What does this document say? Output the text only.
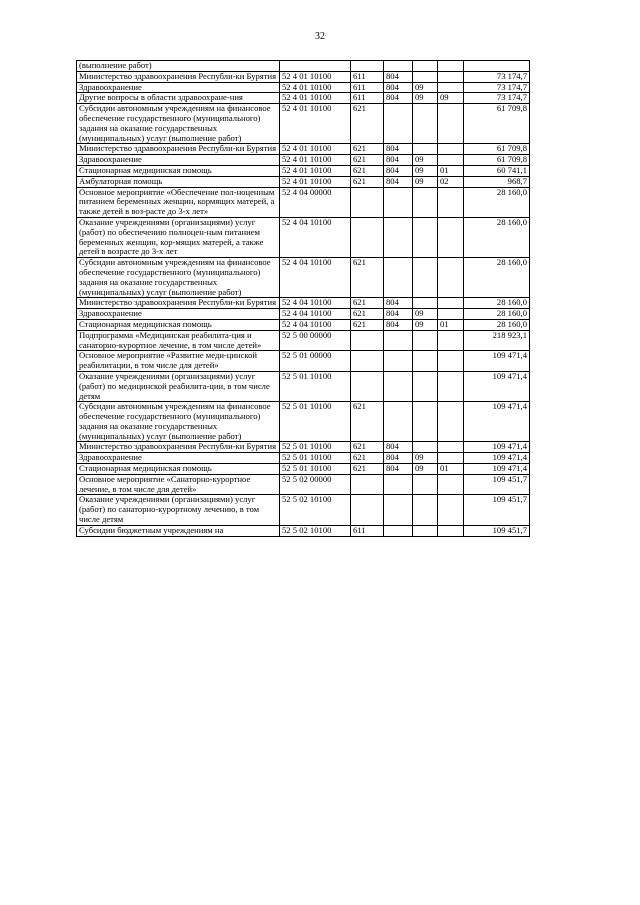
32
(выполнение работ)						
Министерство здравоохранения Республи-ки Бурятия	52 4 01 10100	611	804			73 174,7
Здравоохранение	52 4 01 10100	611	804	09		73 174,7
Другие вопросы в области здравоохране-ния	52 4 01 10100	611	804	09	09	73 174,7
Субсидии автономным учреждениям на финансовое обеспечение государственного (муниципального) задания на оказание государственных (муниципальных) услуг (выполнение работ)	52 4 01 10100	621				61 709,8
Министерство здравоохранения Республи-ки Бурятия	52 4 01 10100	621	804			61 709,8
Здравоохранение	52 4 01 10100	621	804	09		61 709,8
Стационарная медицинская помощь	52 4 01 10100	621	804	09	01	60 741,1
Амбулаторная помощь	52 4 01 10100	621	804	09	02	968,7
Основное мероприятие «Обеспечение пол-ноценным питанием беременных женщин, кормящих матерей, а также детей в воз-расте до 3-х лет»	52 4 04 00000					28 160,0
Оказание учреждениями (организациями) услуг (работ) по обеспечению полноцен-ным питанием беременных женщин, кор-мящих матерей, а также детей в возрасте до 3-х лет	52 4 04 10100					28 160,0
Субсидии автономным учреждениям на финансовое обеспечение государственного (муниципального) задания на оказание государственных (муниципальных) услуг (выполнение работ)	52 4 04 10100	621				28 160,0
Министерство здравоохранения Республи-ки Бурятия	52 4 04 10100	621	804			28 160,0
Здравоохранение	52 4 04 10100	621	804	09		28 160,0
Стационарная медицинская помощь	52 4 04 10100	621	804	09	01	28 160,0
Подпрограмма «Медицинская реабилита-ция и санаторно-курортное лечение, в том числе детей»	52 5 00 00000					218 923,1
Основное мероприятие «Развитие меди-цинской реабилитации, в том числе для детей»	52 5 01 00000					109 471,4
Оказание учреждениями (организациями) услуг (работ) по медицинской реабилита-ции, в том числе детям	52 5 01 10100					109 471,4
Субсидии автономным учреждениям на финансовое обеспечение государственного (муниципального) задания на оказание государственных (муниципальных) услуг (выполнение работ)	52 5 01 10100	621				109 471,4
Министерство здравоохранения Республи-ки Бурятия	52 5 01 10100	621	804			109 471,4
Здравоохранение	52 5 01 10100	621	804	09		109 471,4
Стационарная медицинская помощь	52 5 01 10100	621	804	09	01	109 471,4
Основное мероприятие «Санаторно-курортное лечение, в том числе для детей»	52 5 02 00000					109 451,7
Оказание учреждениями (организациями) услуг (работ) по санаторно-курортному лечению, в том числе детям	52 5 02 10100					109 451,7
Субсидии бюджетным учреждениям на	52 5 02 10100	611				109 451,7
